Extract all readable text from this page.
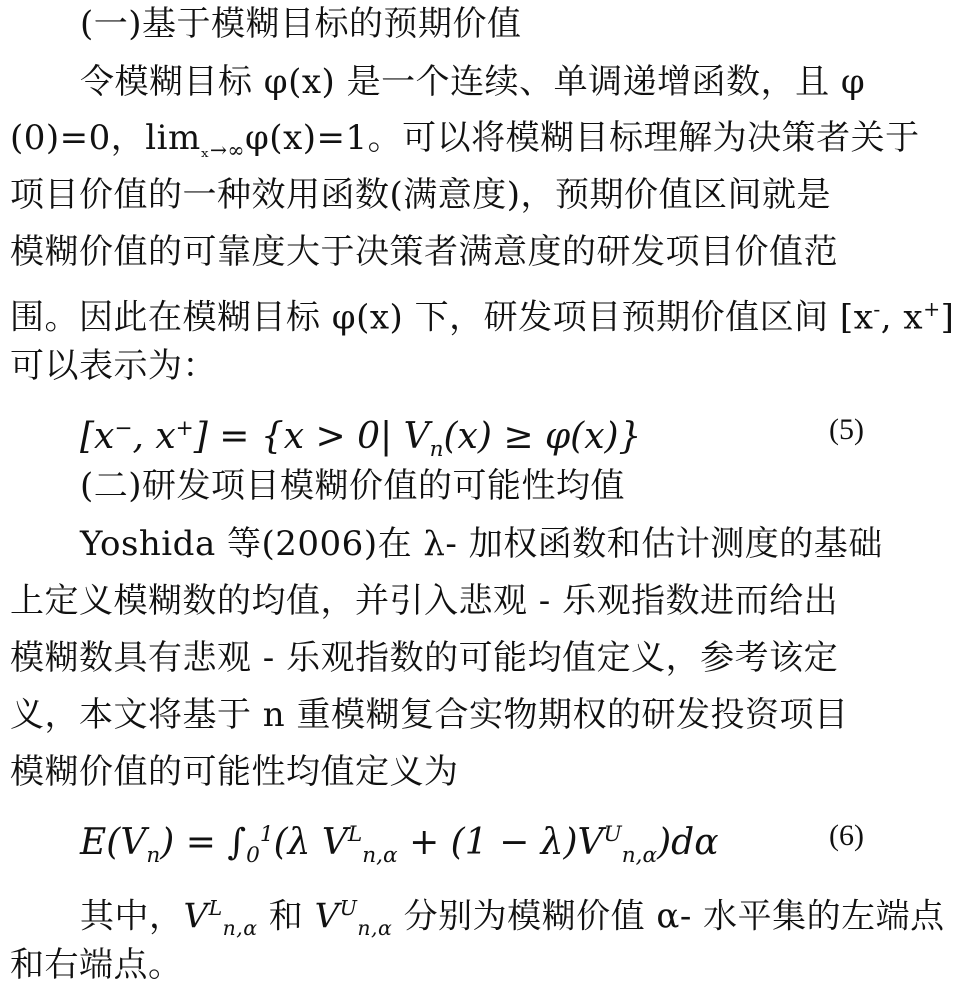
(一)基于模糊目标的预期价值
令模糊目标 φ(x) 是一个连续、单调递增函数，且 φ
(0)=0，$\lim_{_x\to\infty}\varphi(x)=1$。可以将模糊目标理解为决策者关于
项目价值的一种效用函数(满意度)，预期价值区间就是
模糊价值的可靠度大于决策者满意度的研发项目价值范
围。因此在模糊目标 φ(x) 下，研发项目预期价值区间 [x-, x+]
可以表示为：
[x−, x+] = {x > 0| $V_n(x) \ge \varphi(x)$}	(5)
(二)研发项目模糊价值的可能性均值
Yoshida 等(2006)在 λ- 加权函数和估计测度的基础
上定义模糊数的均值，并引入悲观 - 乐观指数进而给出
模糊数具有悲观 - 乐观指数的可能均值定义，参考该定
义，本文将基于 n 重模糊复合实物期权的研发投资项目
模糊价值的可能性均值定义为
$E(V_n) = \int_0^1(\lambda$ $V^L_{n,\alpha} + (1 - \lambda)V^U_{n,\alpha})d\alpha$	(6)
其中，$V^L_{n,\alpha}$ 和 $V^U_{n,\alpha}$ 分别为模糊价值 α- 水平集的左端点
和右端点。
